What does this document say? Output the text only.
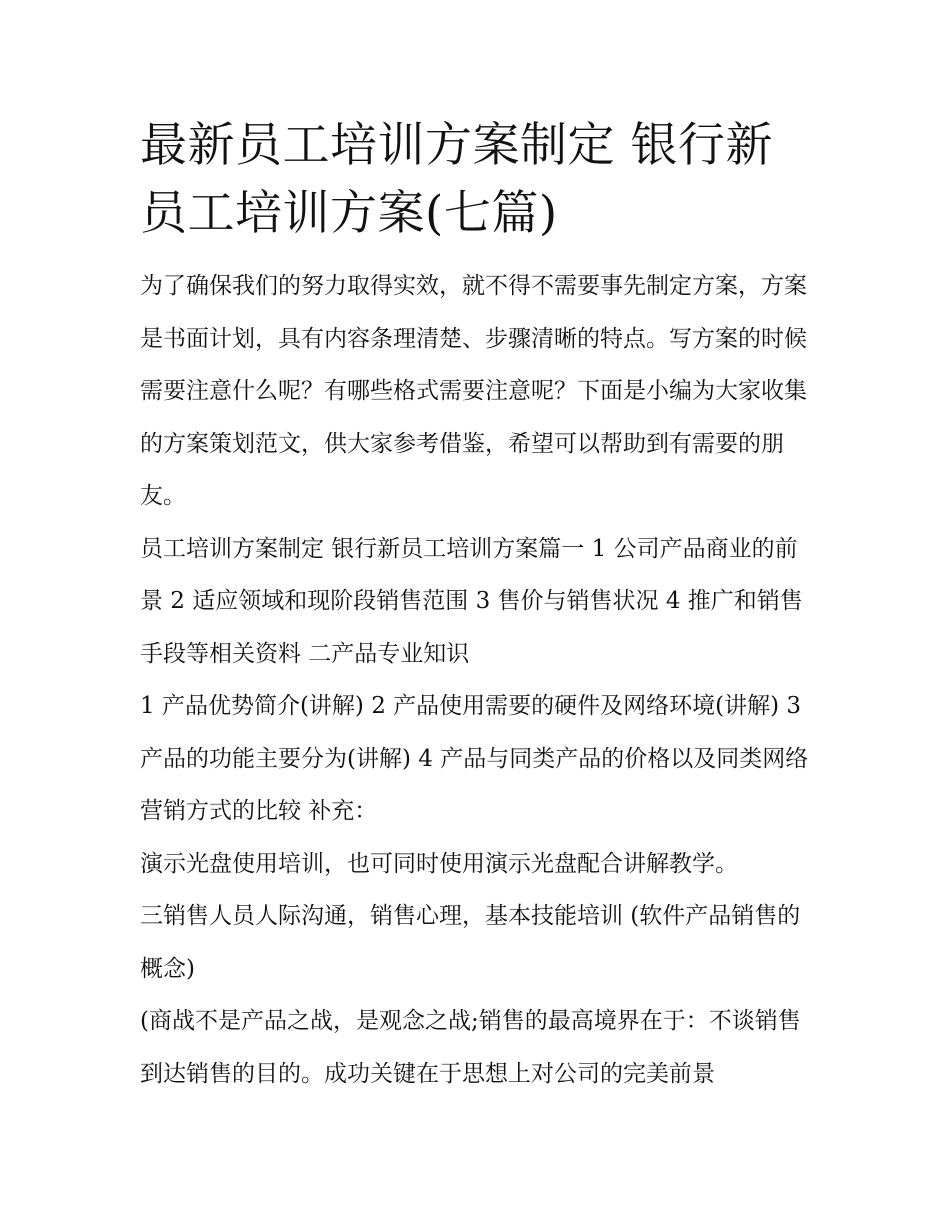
最新员工培训方案制定 银行新员工培训方案(七篇)

为了确保我们的努力取得实效，就不得不需要事先制定方案，方案是书面计划，具有内容条理清楚、步骤清晰的特点。写方案的时候需要注意什么呢？有哪些格式需要注意呢？下面是小编为大家收集的方案策划范文，供大家参考借鉴，希望可以帮助到有需要的朋友。

员工培训方案制定 银行新员工培训方案篇一 1 公司产品商业的前景 2 适应领域和现阶段销售范围 3 售价与销售状况 4 推广和销售手段等相关资料 二产品专业知识

1 产品优势简介(讲解) 2 产品使用需要的硬件及网络环境(讲解) 3 产品的功能主要分为(讲解) 4 产品与同类产品的价格以及同类网络营销方式的比较 补充：

演示光盘使用培训，也可同时使用演示光盘配合讲解教学。

三销售人员人际沟通，销售心理，基本技能培训 (软件产品销售的概念)

(商战不是产品之战，是观念之战;销售的最高境界在于：不谈销售到达销售的目的。成功关键在于思想上对公司的完美前景
